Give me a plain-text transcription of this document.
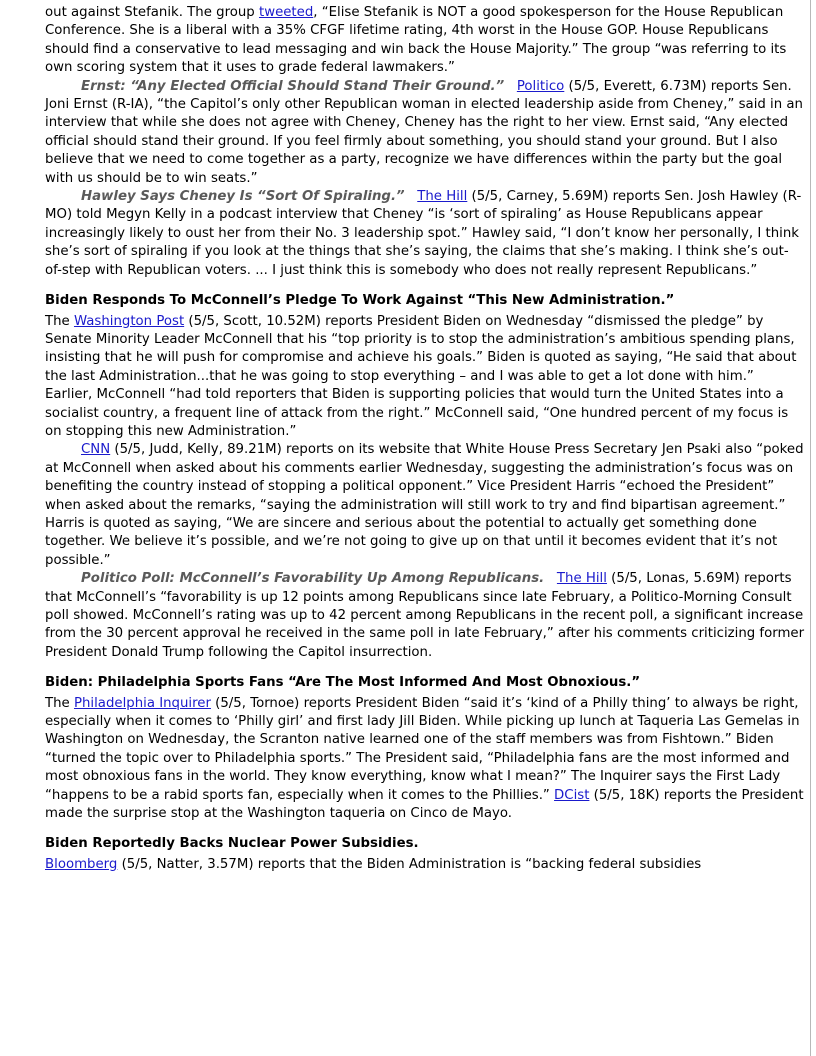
out against Stefanik. The group tweeted, “Elise Stefanik is NOT a good spokesperson for the House Republican Conference. She is a liberal with a 35% CFGF lifetime rating, 4th worst in the House GOP. House Republicans should find a conservative to lead messaging and win back the House Majority.” The group “was referring to its own scoring system that it uses to grade federal lawmakers.”

Ernst: “Any Elected Official Should Stand Their Ground.” Politico (5/5, Everett, 6.73M) reports Sen. Joni Ernst (R-IA), “the Capitol’s only other Republican woman in elected leadership aside from Cheney,” said in an interview that while she does not agree with Cheney, Cheney has the right to her view. Ernst said, “Any elected official should stand their ground. If you feel firmly about something, you should stand your ground. But I also believe that we need to come together as a party, recognize we have differences within the party but the goal with us should be to win seats.”

Hawley Says Cheney Is “Sort Of Spiraling.” The Hill (5/5, Carney, 5.69M) reports Sen. Josh Hawley (R-MO) told Megyn Kelly in a podcast interview that Cheney “is ‘sort of spiraling’ as House Republicans appear increasingly likely to oust her from their No. 3 leadership spot.” Hawley said, “I don’t know her personally, I think she’s sort of spiraling if you look at the things that she’s saying, the claims that she’s making. I think she’s out-of-step with Republican voters. ... I just think this is somebody who does not really represent Republicans.”

Biden Responds To McConnell’s Pledge To Work Against “This New Administration.”

The Washington Post (5/5, Scott, 10.52M) reports President Biden on Wednesday “dismissed the pledge” by Senate Minority Leader McConnell that his “top priority is to stop the administration’s ambitious spending plans, insisting that he will push for compromise and achieve his goals.” Biden is quoted as saying, “He said that about the last Administration...that he was going to stop everything – and I was able to get a lot done with him.” Earlier, McConnell “had told reporters that Biden is supporting policies that would turn the United States into a socialist country, a frequent line of attack from the right.” McConnell said, “One hundred percent of my focus is on stopping this new Administration.”

CNN (5/5, Judd, Kelly, 89.21M) reports on its website that White House Press Secretary Jen Psaki also “poked at McConnell when asked about his comments earlier Wednesday, suggesting the administration’s focus was on benefiting the country instead of stopping a political opponent.” Vice President Harris “echoed the President” when asked about the remarks, “saying the administration will still work to try and find bipartisan agreement.” Harris is quoted as saying, “We are sincere and serious about the potential to actually get something done together. We believe it’s possible, and we’re not going to give up on that until it becomes evident that it’s not possible.”

Politico Poll: McConnell’s Favorability Up Among Republicans. The Hill (5/5, Lonas, 5.69M) reports that McConnell’s “favorability is up 12 points among Republicans since late February, a Politico-Morning Consult poll showed. McConnell’s rating was up to 42 percent among Republicans in the recent poll, a significant increase from the 30 percent approval he received in the same poll in late February,” after his comments criticizing former President Donald Trump following the Capitol insurrection.

Biden: Philadelphia Sports Fans “Are The Most Informed And Most Obnoxious.”

The Philadelphia Inquirer (5/5, Tornoe) reports President Biden “said it’s ‘kind of a Philly thing’ to always be right, especially when it comes to ‘Philly girl’ and first lady Jill Biden. While picking up lunch at Taqueria Las Gemelas in Washington on Wednesday, the Scranton native learned one of the staff members was from Fishtown.” Biden “turned the topic over to Philadelphia sports.” The President said, “Philadelphia fans are the most informed and most obnoxious fans in the world. They know everything, know what I mean?” The Inquirer says the First Lady “happens to be a rabid sports fan, especially when it comes to the Phillies.” DCist (5/5, 18K) reports the President made the surprise stop at the Washington taqueria on Cinco de Mayo.

Biden Reportedly Backs Nuclear Power Subsidies.

Bloomberg (5/5, Natter, 3.57M) reports that the Biden Administration is “backing federal subsidies
